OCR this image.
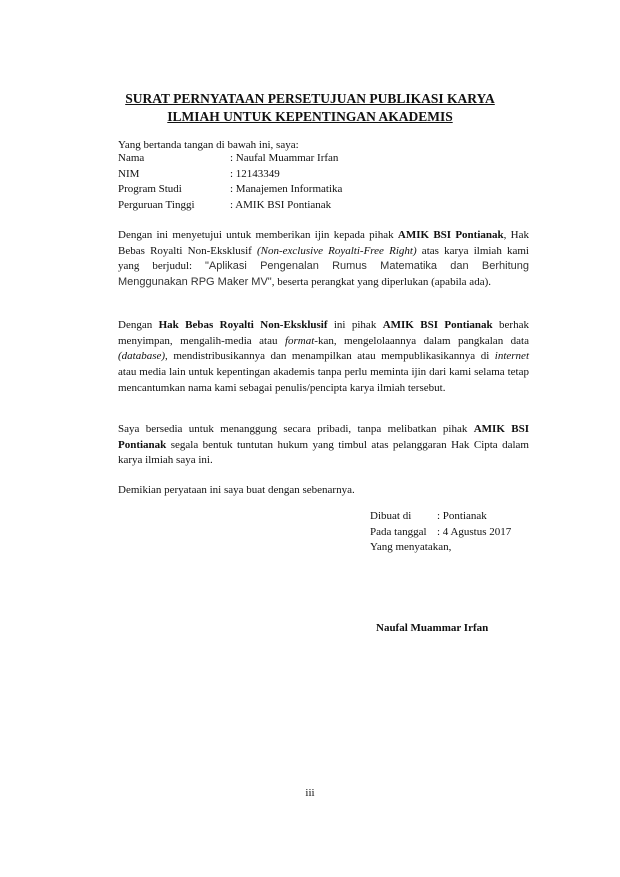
SURAT PERNYATAAN PERSETUJUAN PUBLIKASI KARYA
ILMIAH UNTUK KEPENTINGAN AKADEMIS
Yang bertanda tangan di bawah ini, saya:
Nama	: Naufal Muammar Irfan
NIM	: 12143349
Program Studi	: Manajemen Informatika
Perguruan Tinggi	: AMIK BSI Pontianak

Dengan ini menyetujui untuk memberikan ijin kepada pihak AMIK BSI Pontianak, Hak Bebas Royalti Non-Eksklusif (Non-exclusive Royalti-Free Right) atas karya ilmiah kami yang berjudul: "Aplikasi Pengenalan Rumus Matematika dan Berhitung Menggunakan RPG Maker MV", beserta perangkat yang diperlukan (apabila ada).

Dengan Hak Bebas Royalti Non-Eksklusif ini pihak AMIK BSI Pontianak berhak menyimpan, mengalih-media atau format-kan, mengelolaannya dalam pangkalan data (database), mendistribusikannya dan menampilkan atau mempublikasikannya di internet atau media lain untuk kepentingan akademis tanpa perlu meminta ijin dari kami selama tetap mencantumkan nama kami sebagai penulis/pencipta karya ilmiah tersebut.

Saya bersedia untuk menanggung secara pribadi, tanpa melibatkan pihak AMIK BSI Pontianak segala bentuk tuntutan hukum yang timbul atas pelanggaran Hak Cipta dalam karya ilmiah saya ini.

Demikian peryataan ini saya buat dengan sebenarnya.

Dibuat di	: Pontianak
Pada tanggal	: 4 Agustus 2017
Yang menyatakan,
Naufal Muammar Irfan
iii
